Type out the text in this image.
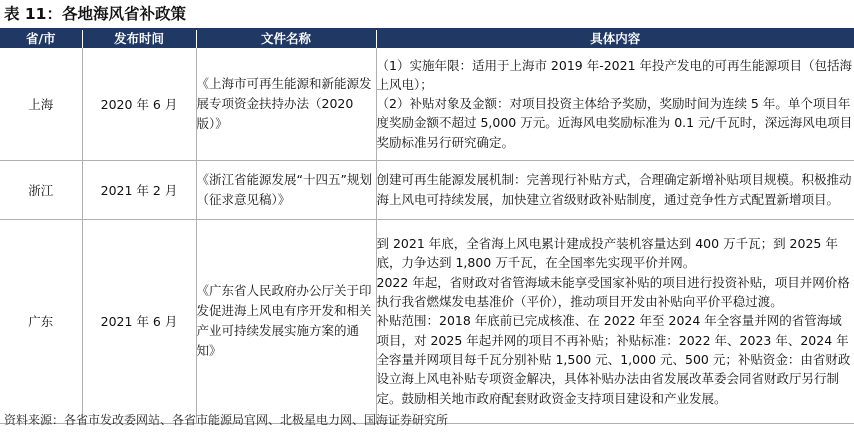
表 11：各地海风省补政策
省/市	发布时间	文件名称	具体内容
上海	2020 年 6 月	《上海市可再生能源和新能源发展专项资金扶持办法（2020 版）》	（1）实施年限：适用于上海市 2019 年-2021 年投产发电的可再生能源项目（包括海上风电）；
（2）补贴对象及金额：对项目投资主体给予奖励，奖励时间为连续 5 年。单个项目年度奖励金额不超过 5,000 万元。近海风电奖励标准为 0.1 元/千瓦时，深远海风电项目奖励标准另行研究确定。

浙江	2021 年 2 月	《浙江省能源发展“十四五”规划（征求意见稿）》	创建可再生能源发展机制：完善现行补贴方式，合理确定新增补贴项目规模。积极推动海上风电可持续发展，加快建立省级财政补贴制度，通过竞争性方式配置新增项目。

广东	2021 年 6 月	《广东省人民政府办公厅关于印发促进海上风电有序开发和相关产业可持续发展实施方案的通知》	到 2021 年底，全省海上风电累计建成投产装机容量达到 400 万千瓦；到 2025 年底，力争达到 1,800 万千瓦，在全国率先实现平价并网。
2022 年起，省财政对省管海域未能享受国家补贴的项目进行投资补贴，项目并网价格执行我省燃煤发电基准价（平价），推动项目开发由补贴向平价平稳过渡。
补贴范围：2018 年底前已完成核准、在 2022 年至 2024 年全容量并网的省管海域项目，对 2025 年起并网的项目不再补贴；补贴标准：2022 年、2023 年、2024 年全容量并网项目每千瓦分别补贴 1,500 元、1,000 元、500 元；补贴资金：由省财政设立海上风电补贴专项资金解决，具体补贴办法由省发展改革委会同省财政厅另行制定。鼓励相关地市政府配套财政资金支持项目建设和产业发展。
资料来源：各省市发改委网站、各省市能源局官网、北极星电力网、国海证券研究所
